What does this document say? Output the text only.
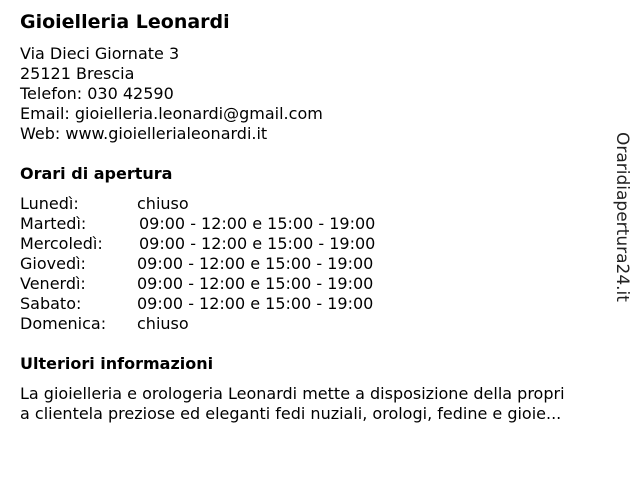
Gioielleria Leonardi
Via Dieci Giornate 3
25121 Brescia
Telefon: 030 42590
Email: gioielleria.leonardi@gmail.com
Web: www.gioiellerialeonardi.it
Orari di apertura
Lunedì:	chiuso
Martedì:	09:00 - 12:00 e 15:00 - 19:00
Mercoledì: 09:00 - 12:00 e 15:00 - 19:00
Giovedì:	09:00 - 12:00 e 15:00 - 19:00
Venerdì:	09:00 - 12:00 e 15:00 - 19:00
Sabato:	09:00 - 12:00 e 15:00 - 19:00
Domenica: chiuso
Ulteriori informazioni
La gioielleria e orologeria Leonardi mette a disposizione della propri
a clientela preziose ed eleganti fedi nuziali, orologi, fedine e gioie...
Oraridiapertura24.it
